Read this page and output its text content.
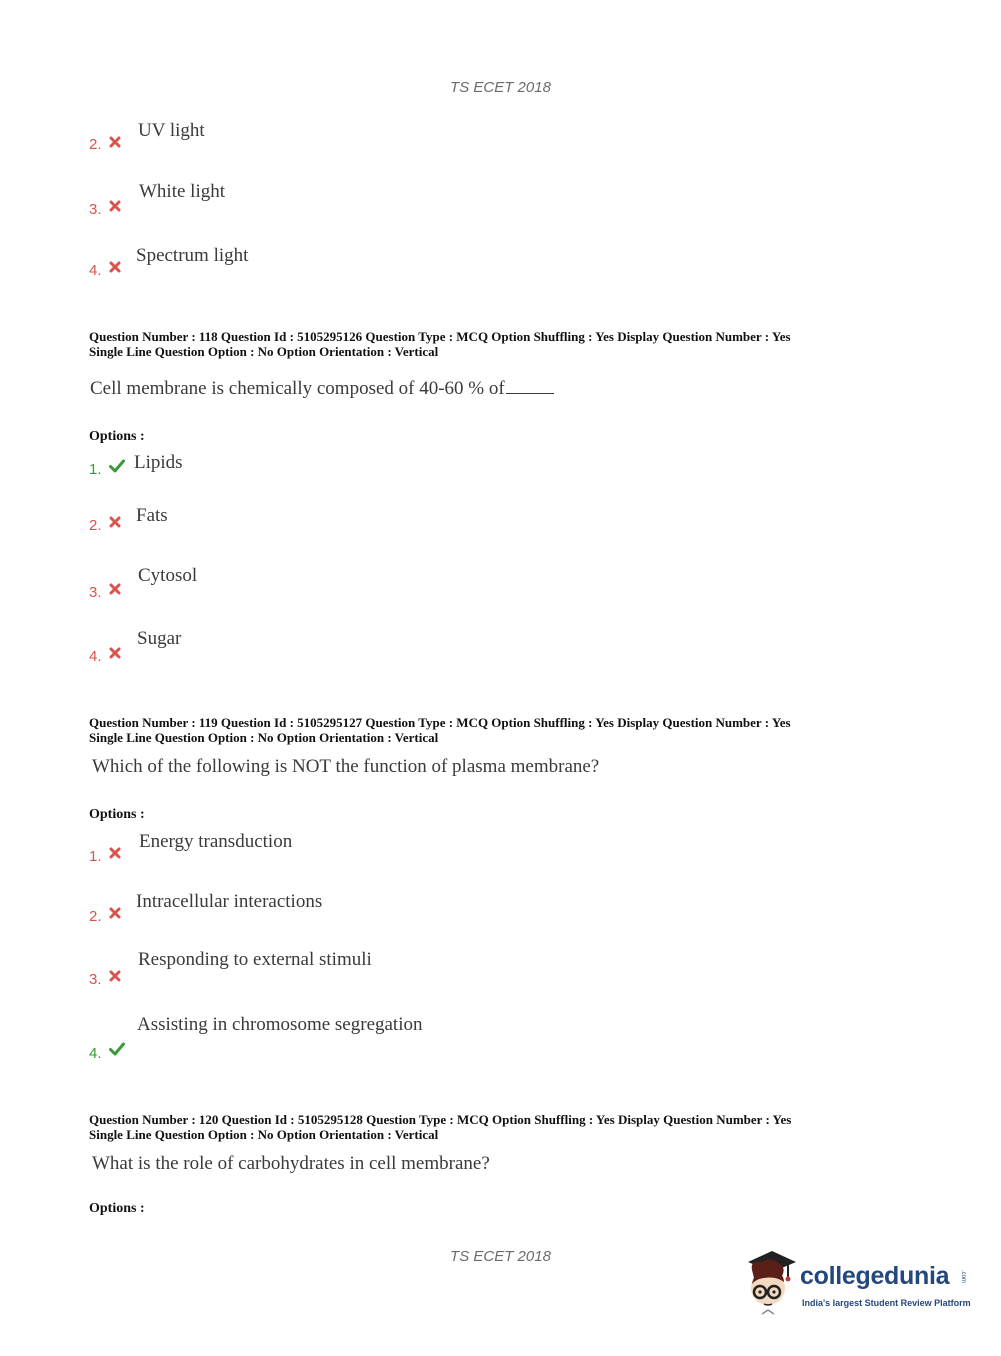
TS ECET 2018
2.
UV light
3.
White light
4.
Spectrum light
Question Number : 118 Question Id : 5105295126 Question Type : MCQ Option Shuffling : Yes Display Question Number : Yes
Single Line Question Option : No Option Orientation : Vertical
Cell membrane is chemically composed of 40-60 % of
Options :
1. Lipids
2. Fats
3.
Cytosol
4.
Sugar
Question Number : 119 Question Id : 5105295127 Question Type : MCQ Option Shuffling : Yes Display Question Number : Yes
Single Line Question Option : No Option Orientation : Vertical
Which of the following is NOT the function of plasma membrane?
Options :
1.
Energy transduction
2.
Intracellular interactions
3.
Responding to external stimuli
4.
Assisting in chromosome segregation
Question Number : 120 Question Id : 5105295128 Question Type : MCQ Option Shuffling : Yes Display Question Number : Yes
Single Line Question Option : No Option Orientation : Vertical
What is the role of carbohydrates in cell membrane?
Options :
TS ECET 2018
collegedunia .com
India's largest Student Review Platform
